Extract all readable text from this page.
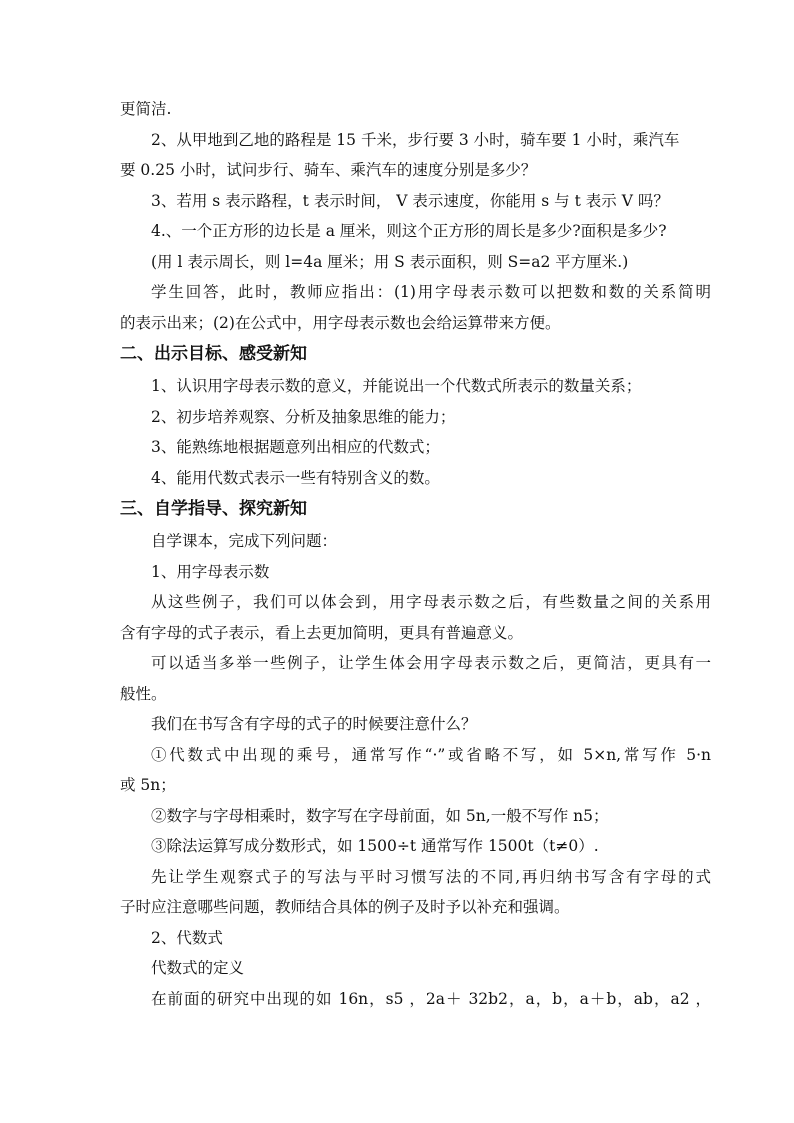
更简洁.
2、从甲地到乙地的路程是 15 千米，步行要 3 小时，骑车要 1 小时，乘汽车
要 0.25 小时，试问步行、骑车、乘汽车的速度分别是多少？
3、若用 s 表示路程，t 表示时间， V 表示速度，你能用 s 与 t 表示 V 吗？
4.、一个正方形的边长是 a 厘米，则这个正方形的周长是多少?面积是多少?
(用 l 表示周长，则 l=4a 厘米；用 S 表示面积，则 S=a2 平方厘米.)
学生回答，此时，教师应指出：(1)用字母表示数可以把数和数的关系简明
的表示出来；(2)在公式中，用字母表示数也会给运算带来方便。
二、出示目标、感受新知
1、认识用字母表示数的意义，并能说出一个代数式所表示的数量关系；
2、初步培养观察、分析及抽象思维的能力；
3、能熟练地根据题意列出相应的代数式；
4、能用代数式表示一些有特别含义的数。
三、自学指导、探究新知
自学课本，完成下列问题：
1、用字母表示数
从这些例子，我们可以体会到，用字母表示数之后，有些数量之间的关系用
含有字母的式子表示，看上去更加简明，更具有普遍意义。
可以适当多举一些例子，让学生体会用字母表示数之后，更简洁，更具有一
般性。
我们在书写含有字母的式子的时候要注意什么？
①代数式中出现的乘号，通常写作“·”或省略不写，如 5×n,常写作 5·n
或 5n；
②数字与字母相乘时，数字写在字母前面，如 5n,一般不写作 n5；
③除法运算写成分数形式，如 1500÷t 通常写作 1500t（t≠0）.
先让学生观察式子的写法与平时习惯写法的不同,再归纳书写含有字母的式
子时应注意哪些问题，教师结合具体的例子及时予以补充和强调。
2、代数式
代数式的定义
在前面的研究中出现的如 16n，s5 ，2a＋ 32b2，a，b，a＋b，ab，a2 ，
